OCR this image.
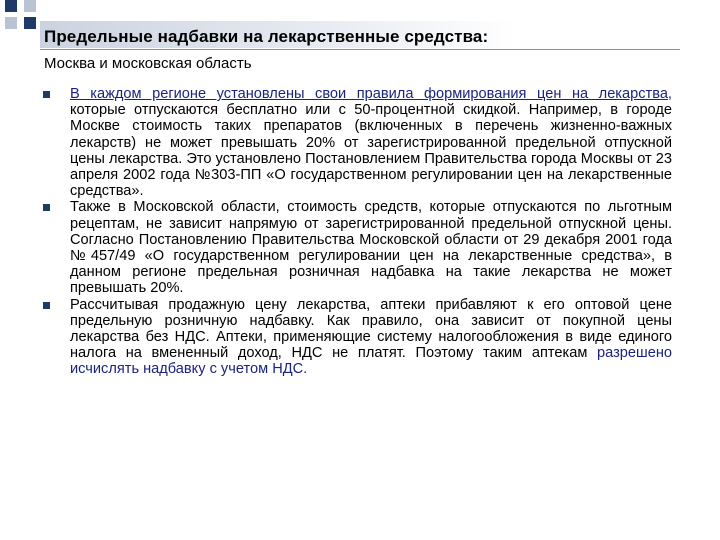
Предельные надбавки на лекарственные средства:

Москва и московская область

В каждом регионе установлены свои правила формирования цен на лекарства, которые отпускаются бесплатно или с 50-процентной скидкой. Например, в городе Москве стоимость таких препаратов (включенных в перечень жизненно-важных лекарств) не может превышать 20% от зарегистрированной предельной отпускной цены лекарства. Это установлено Постановлением Правительства города Москвы от 23 апреля 2002 года №303-ПП «О государственном регулировании цен на лекарственные средства».
Также в Московской области, стоимость средств, которые отпускаются по льготным рецептам, не зависит напрямую от зарегистрированной предельной отпускной цены. Согласно Постановлению Правительства Московской области от 29 декабря 2001 года №457/49 «О государственном регулировании цен на лекарственные средства», в данном регионе предельная розничная надбавка на такие лекарства не может превышать 20%.
Рассчитывая продажную цену лекарства, аптеки прибавляют к его оптовой цене предельную розничную надбавку. Как правило, она зависит от покупной цены лекарства без НДС. Аптеки, применяющие систему налогообложения в виде единого налога на вмененный доход, НДС не платят. Поэтому таким аптекам разрешено исчислять надбавку с учетом НДС.
